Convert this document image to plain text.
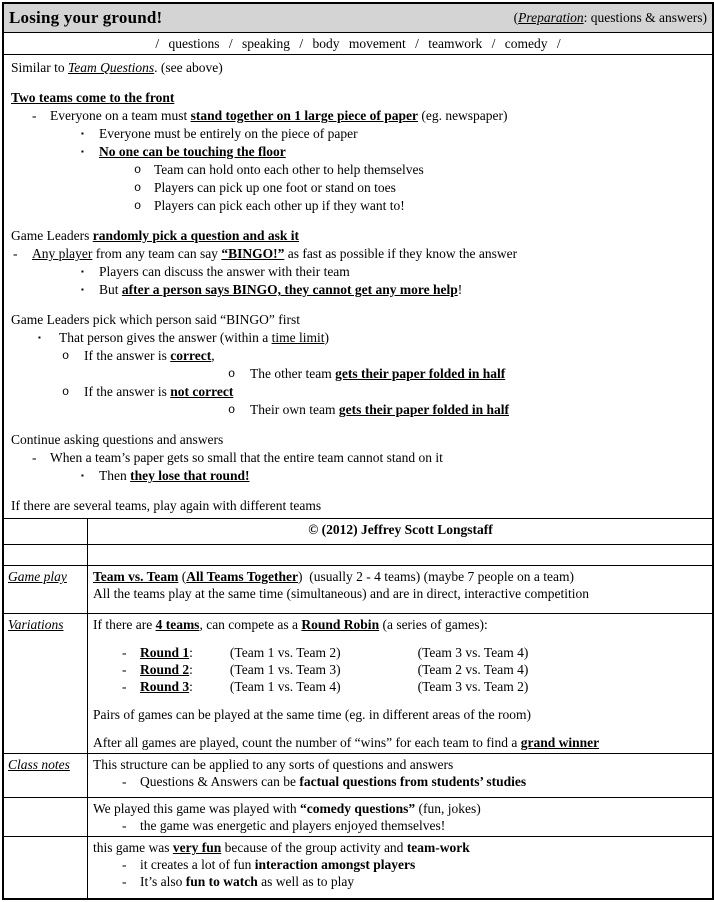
Losing your ground!	(Preparation: questions & answers)
/ questions / speaking / body movement / teamwork / comedy /
Similar to Team Questions. (see above)
Two teams come to the front
- Everyone on a team must stand together on 1 large piece of paper (eg. newspaper)
▪ Everyone must be entirely on the piece of paper
▪ No one can be touching the floor
o Team can hold onto each other to help themselves
o Players can pick up one foot or stand on toes
o Players can pick each other up if they want to!
Game Leaders randomly pick a question and ask it
- Any player from any team can say “BINGO!” as fast as possible if they know the answer
▪ Players can discuss the answer with their team
▪ But after a person says BINGO, they cannot get any more help!
Game Leaders pick which person said “BINGO” first
▪ That person gives the answer (within a time limit)
o If the answer is correct,
o The other team gets their paper folded in half
o If the answer is not correct
o Their own team gets their paper folded in half
Continue asking questions and answers
- When a team’s paper gets so small that the entire team cannot stand on it
▪ Then they lose that round!
If there are several teams, play again with different teams
© (2012) Jeffrey Scott Longstaff
Game play	Team vs. Team (All Teams Together)  (usually 2 - 4 teams) (maybe 7 people on a team)
All the teams play at the same time (simultaneous) and are in direct, interactive competition
Variations	If there are 4 teams, can compete as a Round Robin (a series of games):
- Round 1:	(Team 1 vs. Team 2)	(Team 3 vs. Team 4)
- Round 2:	(Team 1 vs. Team 3)	(Team 2 vs. Team 4)
- Round 3:	(Team 1 vs. Team 4)	(Team 3 vs. Team 2)
Pairs of games can be played at the same time (eg. in different areas of the room)
After all games are played, count the number of “wins” for each team to find a grand winner
Class notes	This structure can be applied to any sorts of questions and answers
- Questions & Answers can be factual questions from students’ studies
We played this game was played with “comedy questions” (fun, jokes)
- the game was energetic and players enjoyed themselves!
this game was very fun because of the group activity and team-work
- it creates a lot of fun interaction amongst players
- It’s also fun to watch as well as to play
